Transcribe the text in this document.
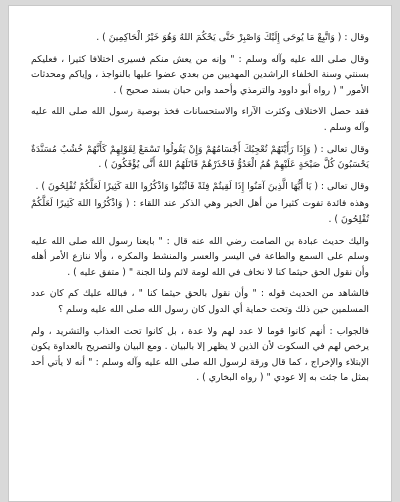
وقال : ( وَاتَّبِعْ مَا يُوحَى إِلَيْكَ وَاصْبِرْ حَتَّى يَحْكُمَ اللهُ وَهُوَ خَيْرُ الْحَاكِمِينَ ) .

وقال صلى الله عليه وآله وسلم : " وإنه من يعش منكم فسيرى اختلافا كثيرا ، فعليكم بسنتي وسنة الخلفاء الراشدين المهديين من بعدي عضوا عليها بالنواجذ ، وإياكم ومحدثات الأمور " ( رواه أبو داوود والترمذي وأحمد وابن حبان بسند صحيح ) .

فقد حصل الاختلاف وكثرت الآراء والاستحسانات فخذ بوصية رسول الله صلى الله عليه وآله وسلم .

وقال تعالى : ( وَإِذَا رَأَيْتَهُمْ تُعْجِبُكَ أَجْسَامُهُمْ وَإِنْ يَقُولُوا تَسْمَعْ لِقَوْلِهِمْ كَأَنَّهُمْ خُشُبٌ مُسَنَّدَةٌ يَحْسَبُونَ كُلَّ صَيْحَةٍ عَلَيْهِمْ هُمُ الْعَدُوُّ فَاحْذَرْهُمْ قَاتَلَهُمُ اللهُ أَنَّى يُؤْفَكُونَ ) .

وقال تعالى : ( يَا أَيُّهَا الَّذِينَ آمَنُوا إِذَا لَقِيتُمْ فِئَةً فَاثْبُتُوا وَاذْكُرُوا اللهَ كَثِيرًا لَعَلَّكُمْ تُفْلِحُونَ ) .

وهذه فائدة تفوت كثيرا من أهل الخير وهي الذكر عند اللقاء : ( وَاذْكُرُوا اللهَ كَثِيرًا لَعَلَّكُمْ تُفْلِحُونَ ) .

واليك حديث عبادة بن الصامت رضي الله عنه قال : " بايعنا رسول الله صلى الله عليه وسلم على السمع والطاعة في اليسر والعسر والمنشط والمكره ، وألا ننازع الأمر أهله وأن نقول الحق حيثما كنا لا نخاف في الله لومة لائم ولنا الجنة " ( متفق عليه ) .

فالشاهد من الحديث قوله : " وأن نقول بالحق حيثما كنا " ، فبالله عليك كم كان عدد المسلمين حين ذلك وتحت حماية أي الدول كان رسول الله صلى الله عليه وسلم ؟

فالجواب : أنهم كانوا قوما لا عدد لهم ولا عدة ، بل كانوا تحت العذاب والتشريد ، ولم يرخص لهم في السكوت لأن الذين لا يظهر إلا بالبيان . ومع البيان والتصريح بالعداوة يكون الإبتلاء والإخراج ، كما قال ورقة لرسول الله صلى الله عليه وآله وسلم : " أنه لا يأتي أحد بمثل ما جئت به إلا عودي " ( رواه البخاري ) .
